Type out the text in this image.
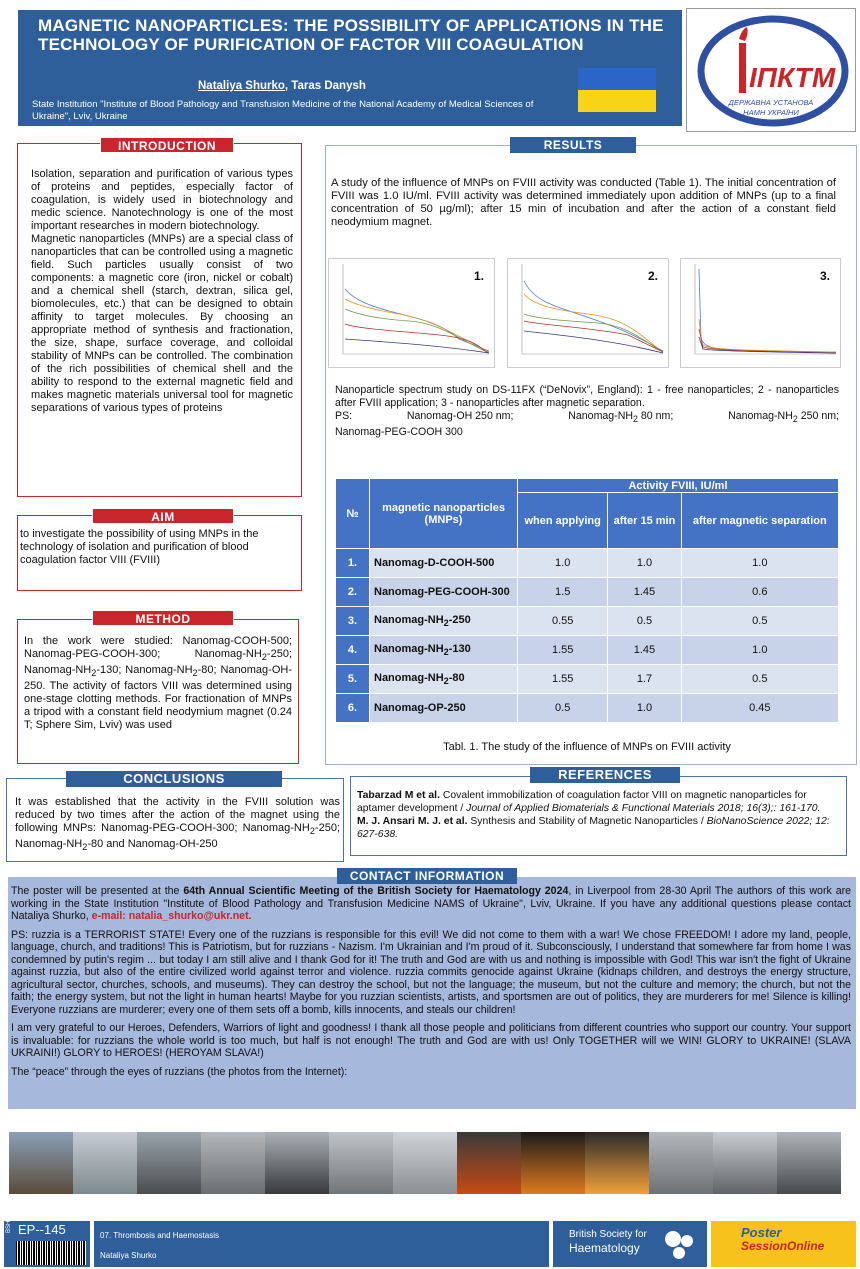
MAGNETIC NANOPARTICLES: THE POSSIBILITY OF APPLICATIONS IN THE TECHNOLOGY OF PURIFICATION OF FACTOR VIII COAGULATION
Nataliya Shurko, Taras Danysh
State Institution "Institute of Blood Pathology and Transfusion Medicine of the National Academy of Medical Sciences of Ukraine", Lviv, Ukraine
ІПКТМ
ДЕРЖАВНА УСТАНОВА
НАМН УКРАЇНИ

Isolation, separation and purification of various types of proteins and peptides, especially factor of coagulation, is widely used in biotechnology and medic science. Nanotechnology is one of the most important researches in modern biotechnology.

Magnetic nanoparticles (MNPs) are a special class of nanoparticles that can be controlled using a magnetic field. Such particles usually consist of two components: a magnetic core (iron, nickel or cobalt) and a chemical shell (starch, dextran, silica gel, biomolecules, etc.) that can be designed to obtain affinity to target molecules. By choosing an appropriate method of synthesis and fractionation, the size, shape, surface coverage, and colloidal stability of MNPs can be controlled. The combination of the rich possibilities of chemical shell and the ability to respond to the external magnetic field and makes magnetic materials universal tool for magnetic separations of various types of proteins

INTRODUCTION
to investigate the possibility of using MNPs in the technology of isolation and purification of blood coagulation factor VIII (FVIII)
AIM
In the work were studied: Nanomag-COOH-500; Nanomag-PEG-COOH-300; Nanomag-$NH_2-250$; Nanomag-$NH_2-130$; Nanomag-$NH_2-80$; Nanomag-OH-250. The activity of factors VIII was determined using one-stage clotting methods. For fractionation of MNPs a tripod with a constant field neodymium magnet (0.24 T; Sphere Sim, Lviv) was used
METHOD
RESULTS
A study of the influence of MNPs on FVIII activity was conducted (Table 1). The initial concentration of FVIII was 1.0 IU/ml. FVIII activity was determined immediately upon addition of MNPs (up to a final concentration of 50 µg/ml); after 15 min of incubation and after the action of a constant field neodymium magnet.
1.	2.	3.
Nanoparticle spectrum study on DS-11FX (“DeNovix”, England): 1 - free nanoparticles; 2 - nanoparticles after FVIII application; 3 - nanoparticles after magnetic separation.

PS:	Nanomag-OH 250 nm;	Nanomag-$NH_2$ 80 nm;	Nanomag-$NH_2$ 250 nm;
Nanomag-PEG-COOH 300
№	magnetic nanoparticles (MNPs)	Activity FVIII, IU/ml		
		when applying	after 15 min	after magnetic separation
1.	Nanomag-D-COOH-500	1.0	1.0	1.0
2.	Nanomag-PEG-COOH-300	1.5	1.45	0.6
3.	Nanomag-$NH_2-250$	0.55	0.5	0.5
4.	Nanomag-$NH_2-130$	1.55	1.45	1.0
5.	Nanomag-$NH_2-80$	1.55	1.7	0.5
6.	Nanomag-OP-250	0.5	1.0	0.45
Tabl. 1. The study of the influence of MNPs on FVIII activity
It was established that the activity in the FVIII solution was reduced by two times after the action of the magnet using the following MNPs: Nanomag-PEG-COOH-300; Nanomag-$NH_2-250$; Nanomag-$NH_2-80$ and Nanomag-OH-250
CONCLUSIONS
Tabarzad M et al. Covalent immobilization of coagulation factor VIII on magnetic nanoparticles for aptamer development / Journal of Applied Biomaterials & Functional Materials 2018; 16(3);: 161-170.
M. J. Ansari M. J. et al. Synthesis and Stability of Magnetic Nanoparticles / BioNanoScience 2022; 12: 627-638.
REFERENCES

The poster will be presented at the 64th Annual Scientific Meeting of the British Society for Haematology 2024, in Liverpool from 28-30 April The authors of this work are working in the State Institution "Institute of Blood Pathology and Transfusion Medicine NAMS of Ukraine", Lviv, Ukraine. If you have any additional questions please contact Nataliya Shurko, e-mail: natalia_shurko@ukr.net.

PS: ruzzia is a TERRORIST STATE! Every one of the ruzzians is responsible for this evil! We did not come to them with a war! We chose FREEDOM! I adore my land, people, language, church, and traditions! This is Patriotism, but for ruzzians - Nazism. I'm Ukrainian and I'm proud of it. Subconsciously, I understand that somewhere far from home I was condemned by putin's regim ... but today I am still alive and I thank God for it! The truth and God are with us and nothing is impossible with God! This war isn't the fight of Ukraine against ruzzia, but also of the entire civilized world against terror and violence. ruzzia commits genocide against Ukraine (kidnaps children, and destroys the energy structure, agricultural sector, churches, schools, and museums). They can destroy the school, but not the language; the museum, but not the culture and memory; the church, but not the faith; the energy system, but not the light in human hearts! Maybe for you ruzzian scientists, artists, and sportsmen are out of politics, they are murderers for me! Silence is killing! Everyone ruzzians are murderer; every one of them sets off a bomb, kills innocents, and steals our children!

I am very grateful to our Heroes, Defenders, Warriors of light and goodness! I thank all those people and politicians from different countries who support our country. Your support is invaluable: for ruzzians the whole world is too much, but half is not enough! The truth and God are with us! Only TOGETHER will we WIN! GLORY to UKRAINE! (SLAVA UKRAINI!) GLORY to HEROES! (HEROYAM SLAVA!)

The “peace” through the eyes of ruzzians (the photos from the Internet):

CONTACT INFORMATION
BSH2024 EP--145	07. Thrombosis and Haemostasis
Nataliya Shurko
British Society for
Haematology
Poster
SessionOnline
